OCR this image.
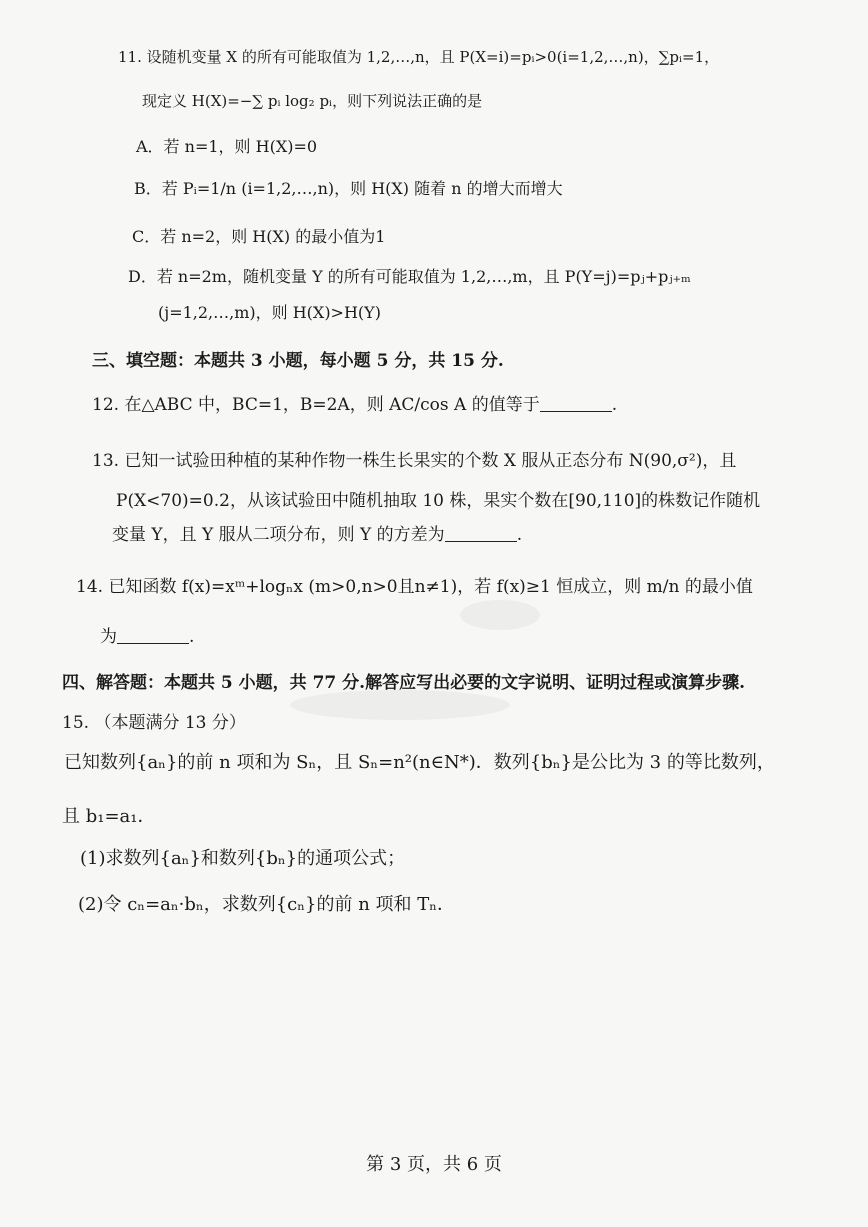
11. 设随机变量 X 的所有可能取值为 1,2,…,n，且 P(X=i)=pᵢ>0(i=1,2,…,n)，∑pᵢ=1，
现定义 H(X)=−∑ pᵢ log₂ pᵢ，则下列说法正确的是
A．若 n=1，则 H(X)=0
B．若 Pᵢ=1/n (i=1,2,…,n)，则 H(X) 随着 n 的增大而增大
C．若 n=2，则 H(X) 的最小值为1
D．若 n=2m，随机变量 Y 的所有可能取值为 1,2,…,m，且 P(Y=j)=pⱼ+pⱼ₊ₘ
(j=1,2,…,m)，则 H(X)>H(Y)
三、填空题：本题共 3 小题，每小题 5 分，共 15 分.
12. 在△ABC 中，BC=1，B=2A，则 AC/cos A 的值等于	.
13. 已知一试验田种植的某种作物一株生长果实的个数 X 服从正态分布 N(90,σ²)，且
P(X<70)=0.2，从该试验田中随机抽取 10 株，果实个数在[90,110]的株数记作随机
变量 Y，且 Y 服从二项分布，则 Y 的方差为	.
14. 已知函数 f(x)=xᵐ+logₙx (m>0,n>0且n≠1)，若 f(x)≥1 恒成立，则 m/n 的最小值
为	.
四、解答题：本题共 5 小题，共 77 分.解答应写出必要的文字说明、证明过程或演算步骤.
15. （本题满分 13 分）
已知数列{aₙ}的前 n 项和为 Sₙ，且 Sₙ=n²(n∈N*)．数列{bₙ}是公比为 3 的等比数列，
且 b₁=a₁．
(1)求数列{aₙ}和数列{bₙ}的通项公式；
(2)令 cₙ=aₙ·bₙ，求数列{cₙ}的前 n 项和 Tₙ．
第 3 页，共 6 页
